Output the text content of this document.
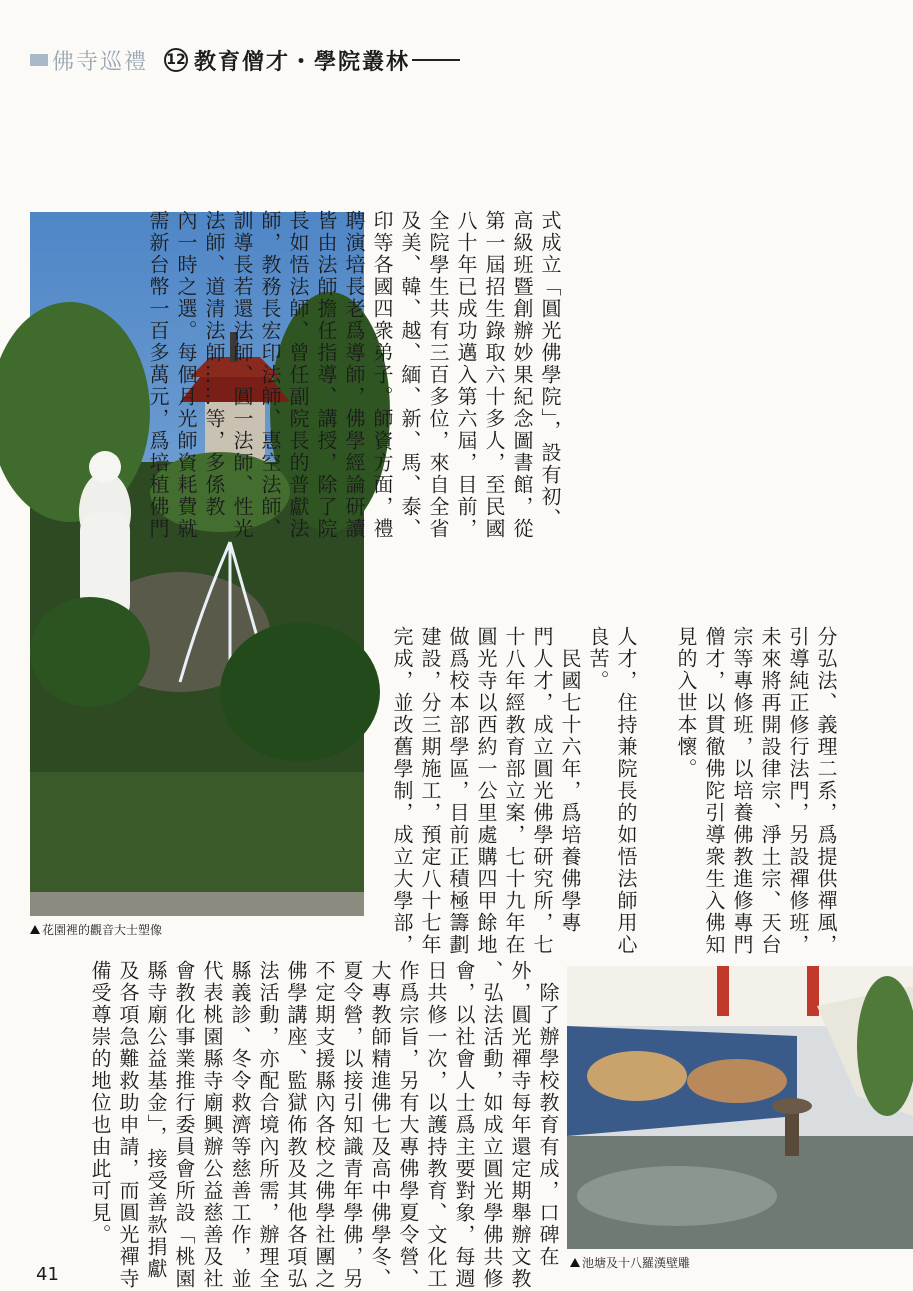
佛寺巡禮 12 教育僧才・學院叢林
花園裡的觀音大士塑像
式成立「圓光佛學院」，設有初、
高級班暨創辦妙果紀念圖書館，從
第一屆招生錄取六十多人，至民國
八十年已成功邁入第六屆，目前，
全院學生共有三百多位，來自全省
及美、韓、越、緬、新、馬、泰、
印等各國四衆弟子。師資方面，禮
聘演培長老爲導師，佛學經論研讀
皆由法師擔任指導、講授，除了院
長如悟法師、曾任副院長的普獻法
師，教務長宏印法師、惠空法師、
訓導長若還法師、圓一法師、性光
法師、道清法師……等，多係教
內一時之選。每個月光師資耗費就
需新台幣一百多萬元，爲培植佛門
人才，住持兼院長的如悟法師用心
良苦。
　民國七十六年，爲培養佛學專
門人才，成立圓光佛學研究所，七
十八年經教育部立案，七十九年在
圓光寺以西約一公里處購四甲餘地
做爲校本部學區，目前正積極籌劃
建設，分三期施工，預定八十七年
完成，並改舊學制，成立大學部，	分弘法、義理二系，爲提供禪風，
引導純正修行法門，另設禪修班，
未來將再開設律宗、淨土宗、天台
宗等專修班，以培養佛教進修專門
僧才，以貫徹佛陀引導衆生入佛知
見的入世本懷。
　除了辦學校教育有成，口碑在
外，圓光禪寺每年還定期舉辦文教
、弘法活動，如成立圓光學佛共修
會，以社會人士爲主要對象，每週
日共修一次，以護持教育、文化工
作爲宗旨，另有大專佛學夏令營、
大專教師精進佛七及高中佛學冬、
夏令營，以接引知識青年學佛，另
不定期支援縣內各校之佛學社團之
佛學講座、監獄佈教及其他各項弘
法活動，亦配合境內所需，辦理全
縣義診、冬令救濟等慈善工作，並
代表桃園縣寺廟興辦公益慈善及社
會教化事業推行委員會所設「桃園
縣寺廟公益基金」，接受善款捐獻
及各項急難救助申請，而圓光禪寺
備受尊崇的地位也由此可見。
池塘及十八羅漢壁雕
41
